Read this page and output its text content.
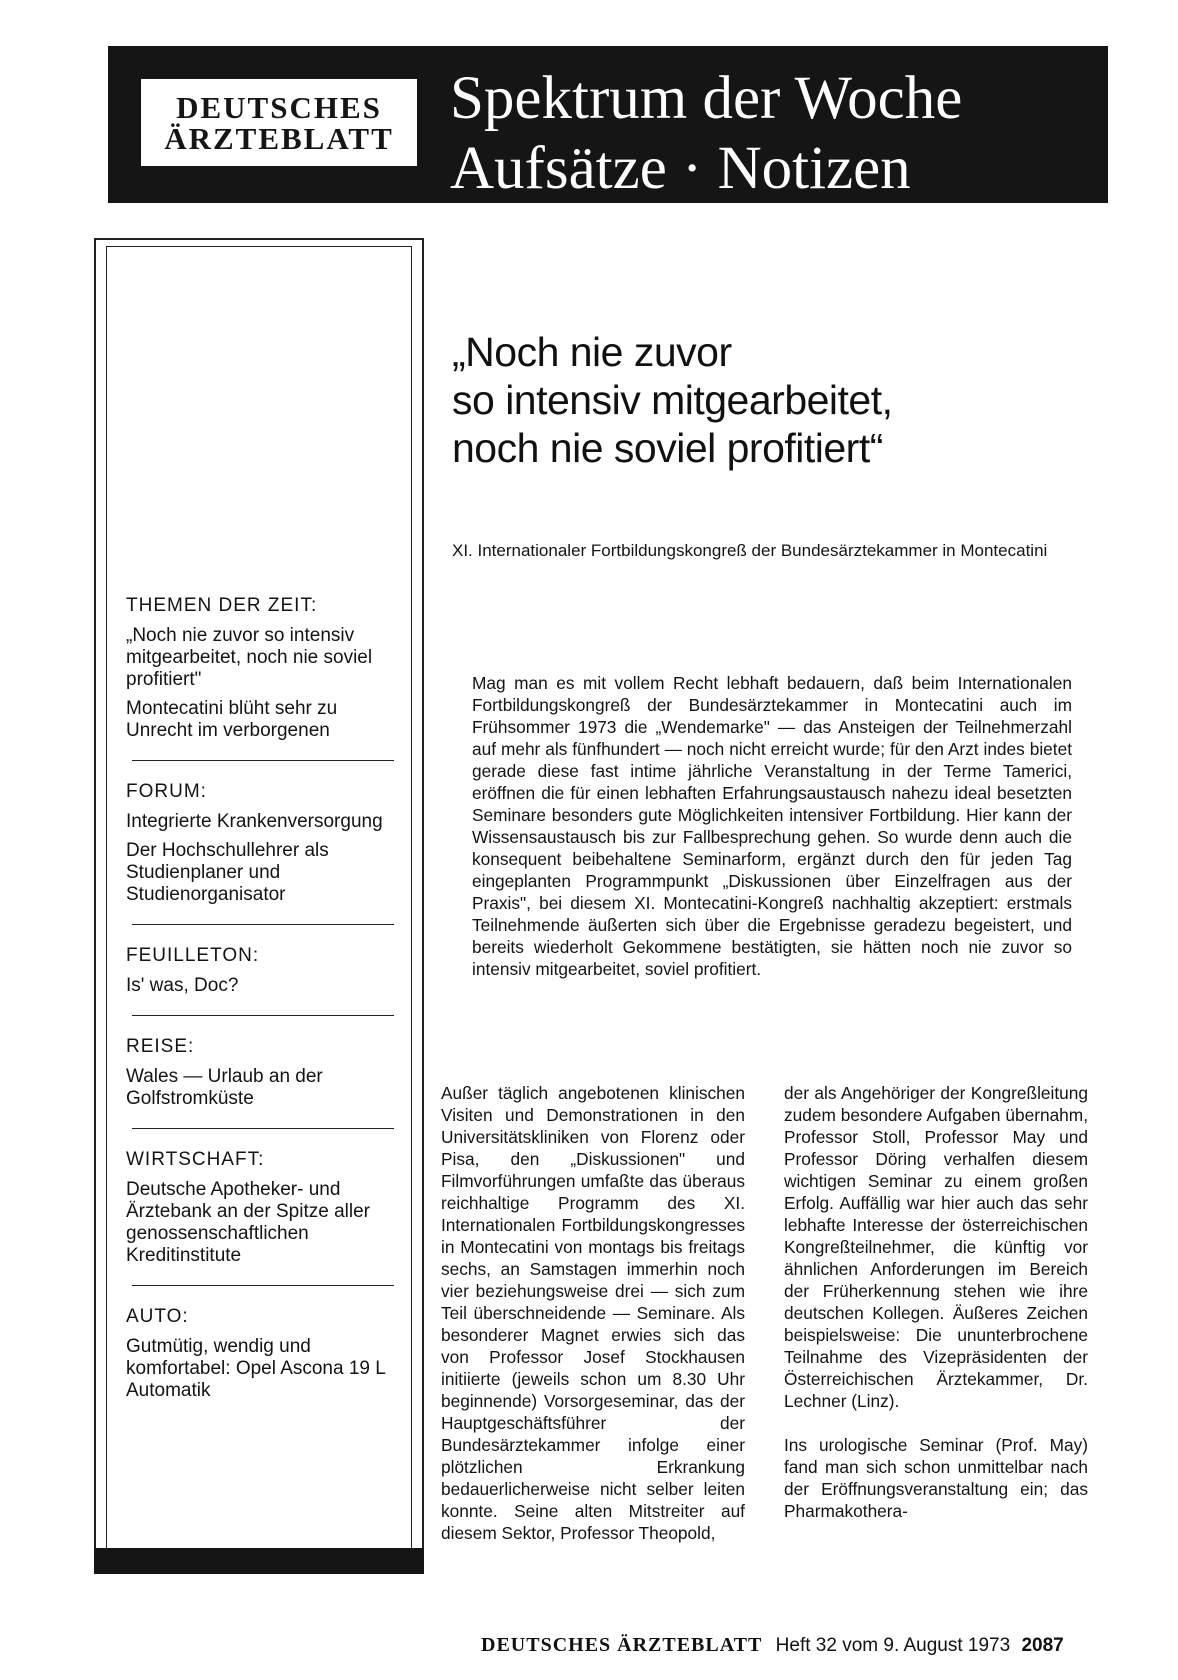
DEUTSCHES
ÄRZTEBLATT
Spektrum der Woche
Aufsätze · Notizen
THEMEN DER ZEIT:
„Noch nie zuvor so intensiv mitgearbeitet, noch nie soviel profitiert"
Montecatini blüht sehr zu Unrecht im verborgenen
FORUM:
Integrierte Krankenversorgung
Der Hochschullehrer als Studienplaner und Studienorganisator
FEUILLETON:
Is' was, Doc?
REISE:
Wales — Urlaub an der Golfstromküste
WIRTSCHAFT:
Deutsche Apotheker- und Ärztebank an der Spitze aller genossenschaftlichen Kreditinstitute
AUTO:
Gutmütig, wendig und komfortabel: Opel Ascona 19 L Automatik
„Noch nie zuvor
so intensiv mitgearbeitet,
noch nie soviel profitiert“
XI. Internationaler Fortbildungskongreß der Bundesärztekammer in Montecatini
Mag man es mit vollem Recht lebhaft bedauern, daß beim Internationalen Fortbildungskongreß der Bundesärztekammer in Montecatini auch im Frühsommer 1973 die „Wendemarke" — das Ansteigen der Teilnehmerzahl auf mehr als fünfhundert — noch nicht erreicht wurde; für den Arzt indes bietet gerade diese fast intime jährliche Veranstaltung in der Terme Tamerici, eröffnen die für einen lebhaften Erfahrungsaustausch nahezu ideal besetzten Seminare besonders gute Möglichkeiten intensiver Fortbildung. Hier kann der Wissensaustausch bis zur Fallbesprechung gehen. So wurde denn auch die konsequent beibehaltene Seminarform, ergänzt durch den für jeden Tag eingeplanten Programmpunkt „Diskussionen über Einzelfragen aus der Praxis", bei diesem XI. Montecatini-Kongreß nachhaltig akzeptiert: erstmals Teilnehmende äußerten sich über die Ergebnisse geradezu begeistert, und bereits wiederholt Gekommene bestätigten, sie hätten noch nie zuvor so intensiv mitgearbeitet, soviel profitiert.

Außer täglich angebotenen klinischen Visiten und Demonstrationen in den Universitätskliniken von Florenz oder Pisa, den „Diskussionen" und Filmvorführungen umfaßte das überaus reichhaltige Programm des XI. Internationalen Fortbildungskongresses in Montecatini von montags bis freitags sechs, an Samstagen immerhin noch vier beziehungsweise drei — sich zum Teil überschneidende — Seminare. Als besonderer Magnet erwies sich das von Professor Josef Stockhausen initiierte (jeweils schon um 8.30 Uhr beginnende) Vorsorgeseminar, das der Hauptgeschäftsführer der Bundesärztekammer infolge einer plötzlichen Erkrankung bedauerlicherweise nicht selber leiten konnte. Seine alten Mitstreiter auf diesem Sektor, Professor Theopold,

der als Angehöriger der Kongreßleitung zudem besondere Aufgaben übernahm, Professor Stoll, Professor May und Professor Döring verhalfen diesem wichtigen Seminar zu einem großen Erfolg. Auffällig war hier auch das sehr lebhafte Interesse der österreichischen Kongreßteilnehmer, die künftig vor ähnlichen Anforderungen im Bereich der Früherkennung stehen wie ihre deutschen Kollegen. Äußeres Zeichen beispielsweise: Die ununterbrochene Teilnahme des Vizepräsidenten der Österreichischen Ärztekammer, Dr. Lechner (Linz).

Ins urologische Seminar (Prof. May) fand man sich schon unmittelbar nach der Eröffnungsveranstaltung ein; das Pharmakothera-

DEUTSCHES ÄRZTEBLATT Heft 32 vom 9. August 1973 2087
